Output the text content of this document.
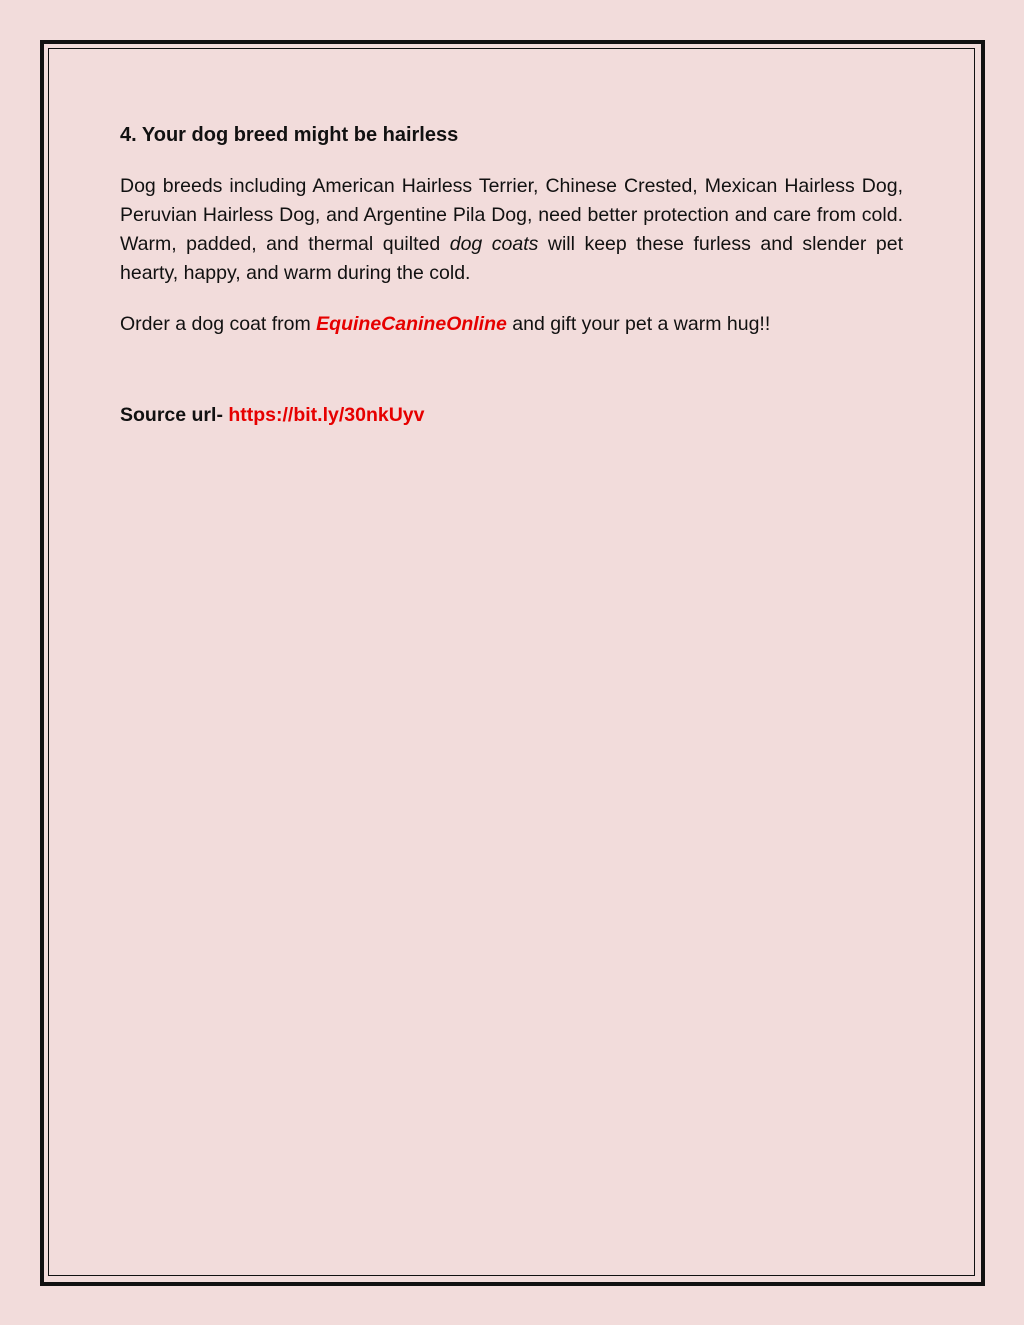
4. Your dog breed might be hairless

Dog breeds including American Hairless Terrier, Chinese Crested, Mexican Hairless Dog, Peruvian Hairless Dog, and Argentine Pila Dog, need better protection and care from cold. Warm, padded, and thermal quilted dog coats will keep these furless and slender pet hearty, happy, and warm during the cold.

Order a dog coat from EquineCanineOnline and gift your pet a warm hug!!

Source url- https://bit.ly/30nkUyv
